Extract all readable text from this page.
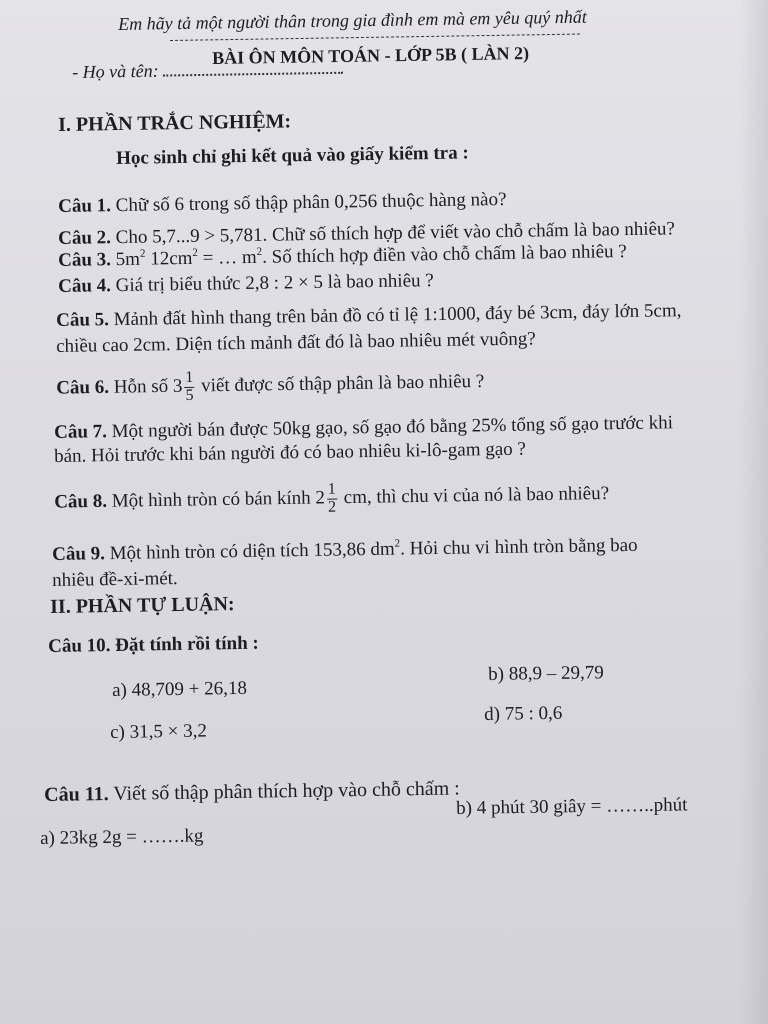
Em hãy tả một người thân trong gia đình em mà em yêu quý nhất
BÀI ÔN MÔN TOÁN - LỚP 5B ( LÀN 2)
- Họ và tên:
I. PHẦN TRẮC NGHIỆM:
Học sinh chỉ ghi kết quả vào giấy kiểm tra :
Câu 1. Chữ số 6 trong số thập phân 0,256 thuộc hàng nào?
Câu 2. Cho 5,7...9 > 5,781. Chữ số thích hợp để viết vào chỗ chấm là bao nhiêu?
Câu 3. $5m^2$ $12cm^2$ = … $m^2$. Số thích hợp điền vào chỗ chấm là bao nhiêu ?
Câu 4. Giá trị biểu thức 2,8 : 2 × 5 là bao nhiêu ?
Câu 5. Mảnh đất hình thang trên bản đồ có tỉ lệ 1:1000, đáy bé 3cm, đáy lớn 5cm,
chiều cao 2cm. Diện tích mảnh đất đó là bao nhiêu mét vuông?
Câu 6. Hỗn số $3 \frac{1}{5}$ viết được số thập phân là bao nhiêu ?
Câu 7. Một người bán được 50kg gạo, số gạo đó bằng 25% tổng số gạo trước khi
bán. Hỏi trước khi bán người đó có bao nhiêu ki-lô-gam gạo ?
Câu 8. Một hình tròn có bán kính $2 \frac{1}{2}$ cm, thì chu vi của nó là bao nhiêu?
Câu 9. Một hình tròn có diện tích 153,86 $dm^2$. Hỏi chu vi hình tròn bằng bao
nhiêu đề-xi-mét.
II. PHẦN TỰ LUẬN:
Câu 10. Đặt tính rồi tính :
b) 88,9 – 29,79
a) 48,709 + 26,18
d) 75 : 0,6
c) 31,5 × 3,2
Câu 11. Viết số thập phân thích hợp vào chỗ chấm :
b) 4 phút 30 giây = ……..phút
a) 23kg 2g = …….kg
